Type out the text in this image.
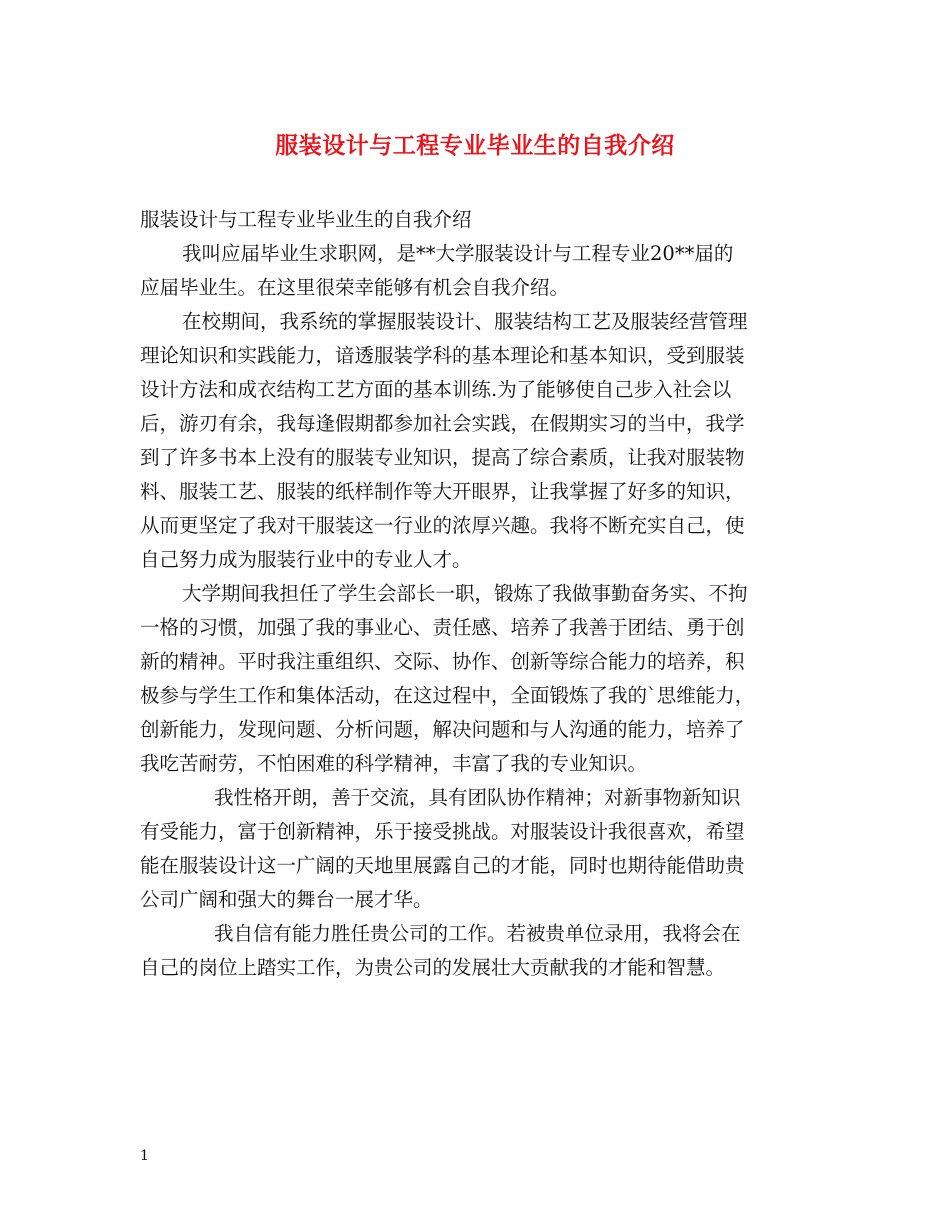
服装设计与工程专业毕业生的自我介绍
服装设计与工程专业毕业生的自我介绍
我叫应届毕业生求职网，是**大学服装设计与工程专业20**届的
应届毕业生。在这里很荣幸能够有机会自我介绍。
在校期间，我系统的掌握服装设计、服装结构工艺及服装经营管理
理论知识和实践能力，谙透服装学科的基本理论和基本知识，受到服装
设计方法和成衣结构工艺方面的基本训练.为了能够使自己步入社会以
后，游刃有余，我每逢假期都参加社会实践，在假期实习的当中，我学
到了许多书本上没有的服装专业知识，提高了综合素质，让我对服装物
料、服装工艺、服装的纸样制作等大开眼界，让我掌握了好多的知识，
从而更坚定了我对干服装这一行业的浓厚兴趣。我将不断充实自己，使
自己努力成为服装行业中的专业人才。
大学期间我担任了学生会部长一职，锻炼了我做事勤奋务实、不拘
一格的习惯，加强了我的事业心、责任感、培养了我善于团结、勇于创
新的精神。平时我注重组织、交际、协作、创新等综合能力的培养，积
极参与学生工作和集体活动，在这过程中，全面锻炼了我的`思维能力，
创新能力，发现问题、分析问题，解决问题和与人沟通的能力，培养了
我吃苦耐劳，不怕困难的科学精神，丰富了我的专业知识。
我性格开朗，善于交流，具有团队协作精神；对新事物新知识
有受能力，富于创新精神，乐于接受挑战。对服装设计我很喜欢，希望
能在服装设计这一广阔的天地里展露自己的才能，同时也期待能借助贵
公司广阔和强大的舞台一展才华。
我自信有能力胜任贵公司的工作。若被贵单位录用，我将会在
自己的岗位上踏实工作，为贵公司的发展壮大贡献我的才能和智慧。
1
